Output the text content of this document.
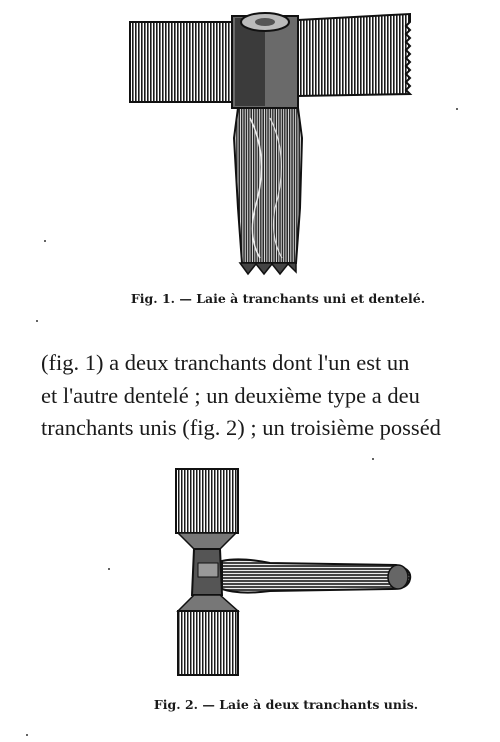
Fig. 1. — Laie à tranchants uni et dentelé.
(fig. 1) a deux tranchants dont l'un est un
et l'autre dentelé ; un deuxième type a deu
tranchants unis (fig. 2) ; un troisième posséd
Fig. 2. — Laie à deux tranchants unis.
